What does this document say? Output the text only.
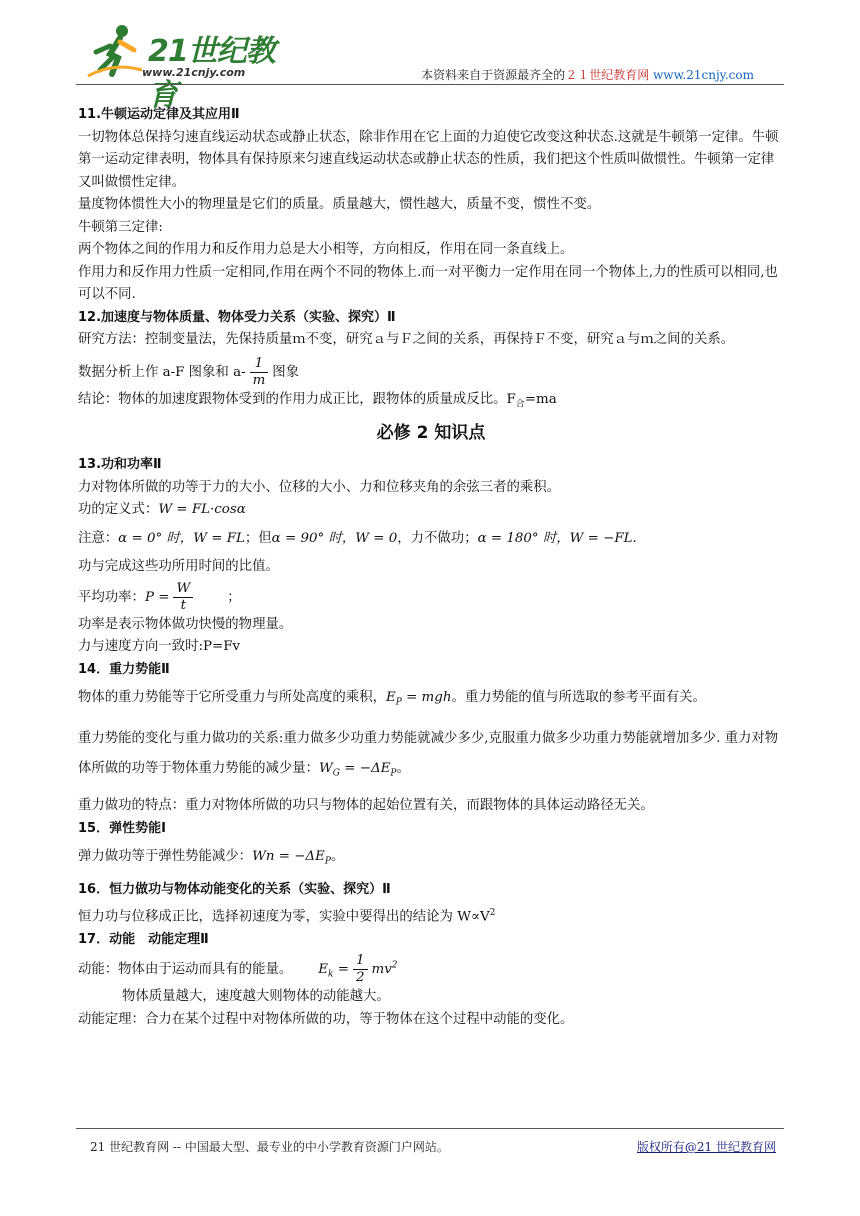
21世纪教育
www.21cnjy.com	本资料来自于资源最齐全的２１世纪教育网 www.21cnjy.com

11.牛顿运动定律及其应用Ⅱ

一切物体总保持匀速直线运动状态或静止状态，除非作用在它上面的力迫使它改变这种状态.这就是牛顿第一定律。牛顿第一运动定律表明，物体具有保持原来匀速直线运动状态或静止状态的性质，我们把这个性质叫做惯性。牛顿第一定律又叫做惯性定律。

量度物体惯性大小的物理量是它们的质量。质量越大，惯性越大，质量不变，惯性不变。

牛顿第三定律:

两个物体之间的作用力和反作用力总是大小相等，方向相反，作用在同一条直线上。

作用力和反作用力性质一定相同,作用在两个不同的物体上.而一对平衡力一定作用在同一个物体上,力的性质可以相同,也可以不同.

12.加速度与物体质量、物体受力关系（实验、探究）Ⅱ

研究方法：控制变量法，先保持质量ｍ不变，研究ａ与Ｆ之间的关系，再保持Ｆ不变，研究ａ与ｍ之间的关系。

数据分析上作 a-F 图象和 $a- \frac{1}{m}$ 图象

结论：物体的加速度跟物体受到的作用力成正比，跟物体的质量成反比。$F_合=ma$

必修 2 知识点

13.功和功率Ⅱ

力对物体所做的功等于力的大小、位移的大小、力和位移夹角的余弦三者的乘积。

功的定义式：W = FL·cosα

注意：α = 0° 时，W = FL；但α = 90° 时，W = 0，力不做功；α = 180° 时，W = −FL.

功与完成这些功所用时间的比值。

平均功率：$P = \frac{W}{t}$	；

功率是表示物体做功快慢的物理量。

力与速度方向一致时:P=Fv

14．重力势能Ⅱ

物体的重力势能等于它所受重力与所处高度的乘积，$E_P$ = mgh。重力势能的值与所选取的参考平面有关。

重力势能的变化与重力做功的关系:重力做多少功重力势能就减少多少,克服重力做多少功重力势能就增加多少. 重力对物体所做的功等于物体重力势能的减少量：$W_G = -\Delta E_P$。

重力做功的特点：重力对物体所做的功只与物体的起始位置有关，而跟物体的具体运动路径无关。

15．弹性势能Ⅰ

弹力做功等于弹性势能减少：$Wn = -\Delta E_P$。

16．恒力做功与物体动能变化的关系（实验、探究）Ⅱ

恒力功与位移成正比，选择初速度为零，实验中要得出的结论为 $W\propto V^2$

17．动能　动能定理Ⅱ

动能：物体由于运动而具有的能量。 $E_k = \frac{1}{2} mv^2$

物体质量越大，速度越大则物体的动能越大。

动能定理：合力在某个过程中对物体所做的功，等于物体在这个过程中动能的变化。

21 世纪教育网 -- 中国最大型、最专业的中小学教育资源门户网站。	版权所有@21 世纪教育网
